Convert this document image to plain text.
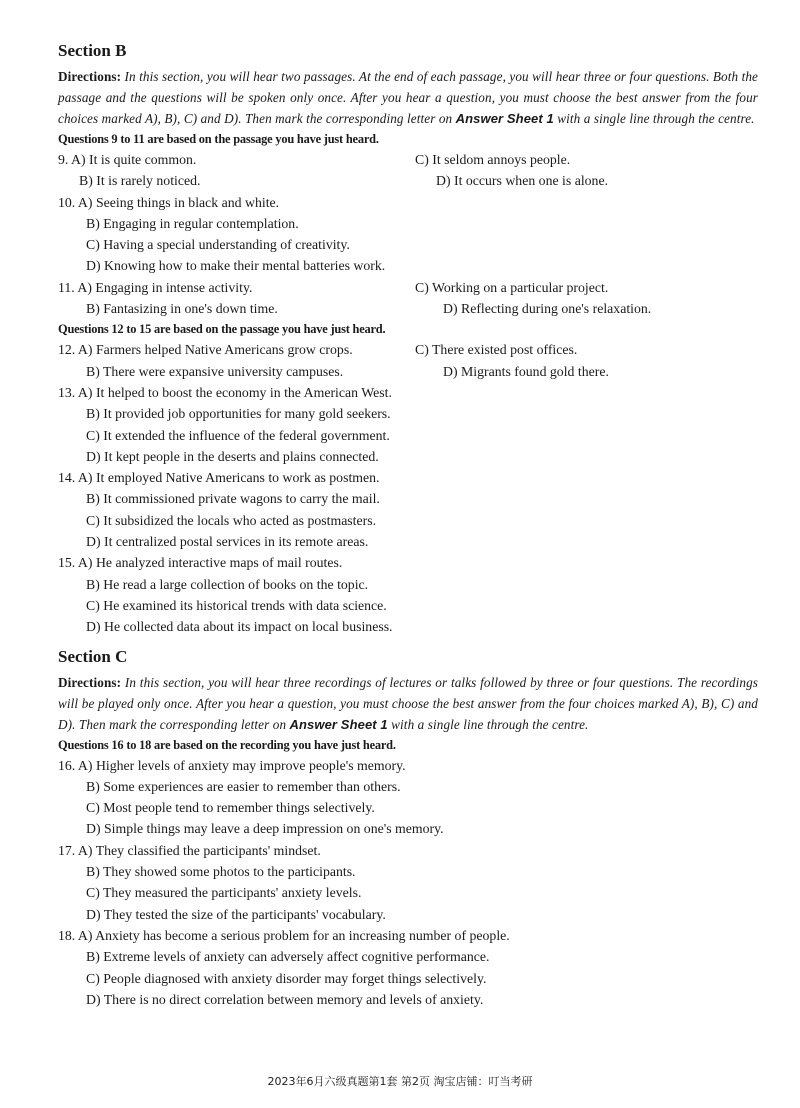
Section B

Directions: In this section, you will hear two passages. At the end of each passage, you will hear three or four questions. Both the passage and the questions will be spoken only once. After you hear a question, you must choose the best answer from the four choices marked A), B), C) and D). Then mark the corresponding letter on Answer Sheet 1 with a single line through the centre.

Questions 9 to 11 are based on the passage you have just heard.
9. A) It is quite common.	C) It seldom annoys people.
B) It is rarely noticed.	D) It occurs when one is alone.
10. A) Seeing things in black and white.
B) Engaging in regular contemplation.
C) Having a special understanding of creativity.
D) Knowing how to make their mental batteries work.
11. A) Engaging in intense activity.	C) Working on a particular project.
B) Fantasizing in one's down time.	D) Reflecting during one's relaxation.
Questions 12 to 15 are based on the passage you have just heard.
12. A) Farmers helped Native Americans grow crops.	C) There existed post offices.
B) There were expansive university campuses.	D) Migrants found gold there.
13. A) It helped to boost the economy in the American West.
B) It provided job opportunities for many gold seekers.
C) It extended the influence of the federal government.
D) It kept people in the deserts and plains connected.
14. A) It employed Native Americans to work as postmen.
B) It commissioned private wagons to carry the mail.
C) It subsidized the locals who acted as postmasters.
D) It centralized postal services in its remote areas.
15. A) He analyzed interactive maps of mail routes.
B) He read a large collection of books on the topic.
C) He examined its historical trends with data science.
D) He collected data about its impact on local business.
Section C

Directions: In this section, you will hear three recordings of lectures or talks followed by three or four questions. The recordings will be played only once. After you hear a question, you must choose the best answer from the four choices marked A), B), C) and D). Then mark the corresponding letter on Answer Sheet 1 with a single line through the centre.

Questions 16 to 18 are based on the recording you have just heard.
16. A) Higher levels of anxiety may improve people's memory.
B) Some experiences are easier to remember than others.
C) Most people tend to remember things selectively.
D) Simple things may leave a deep impression on one's memory.
17. A) They classified the participants' mindset.
B) They showed some photos to the participants.
C) They measured the participants' anxiety levels.
D) They tested the size of the participants' vocabulary.
18. A) Anxiety has become a serious problem for an increasing number of people.
B) Extreme levels of anxiety can adversely affect cognitive performance.
C) People diagnosed with anxiety disorder may forget things selectively.
D) There is no direct correlation between memory and levels of anxiety.
2023年6月六级真题第1套 第2页 淘宝店铺：叮当考研
